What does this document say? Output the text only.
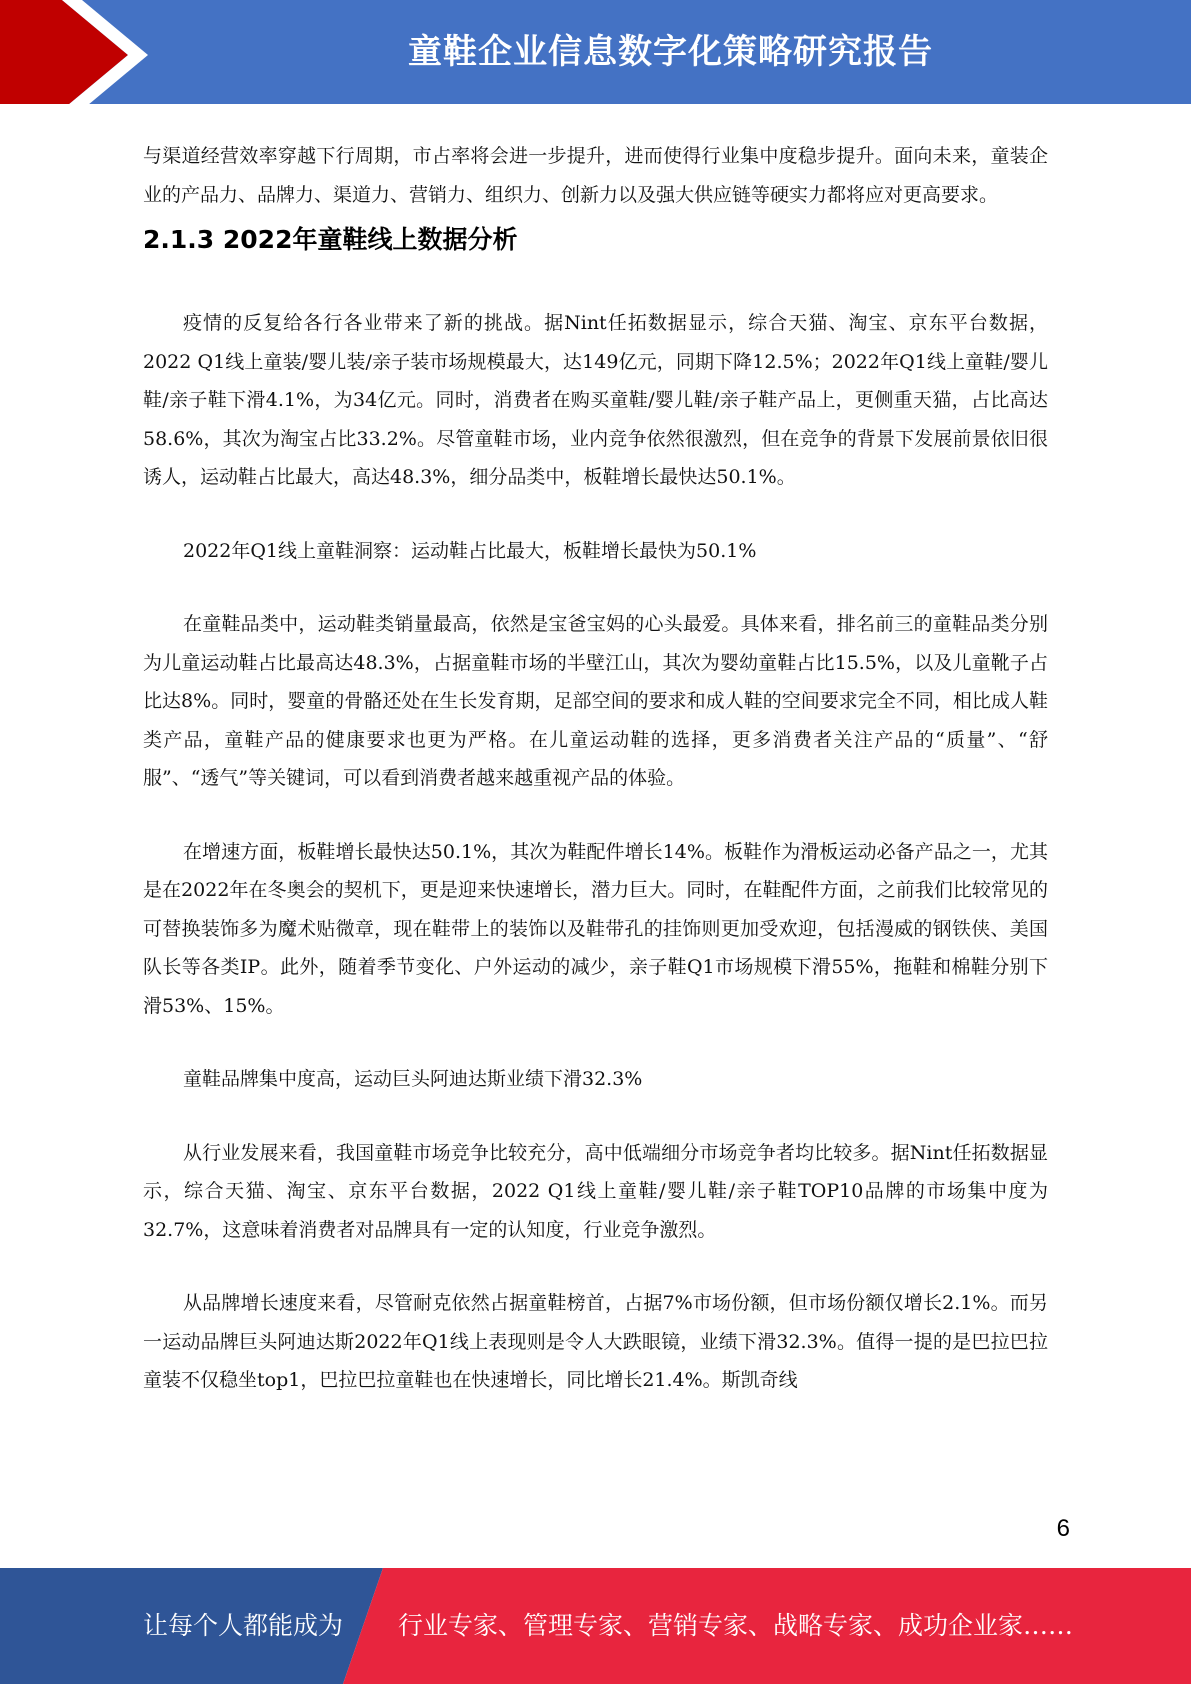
童鞋企业信息数字化策略研究报告

与渠道经营效率穿越下行周期，市占率将会进一步提升，进而使得行业集中度稳步提升。面向未来，童装企业的产品力、品牌力、渠道力、营销力、组织力、创新力以及强大供应链等硬实力都将应对更高要求。

2.1.3 2022年童鞋线上数据分析

疫情的反复给各行各业带来了新的挑战。据Nint任拓数据显示，综合天猫、淘宝、京东平台数据，2022 Q1线上童装/婴儿装/亲子装市场规模最大，达149亿元，同期下降12.5%；2022年Q1线上童鞋/婴儿鞋/亲子鞋下滑4.1%，为34亿元。同时，消费者在购买童鞋/婴儿鞋/亲子鞋产品上，更侧重天猫，占比高达58.6%，其次为淘宝占比33.2%。尽管童鞋市场，业内竞争依然很激烈，但在竞争的背景下发展前景依旧很诱人，运动鞋占比最大，高达48.3%，细分品类中，板鞋增长最快达50.1%。

2022年Q1线上童鞋洞察：运动鞋占比最大，板鞋增长最快为50.1%

在童鞋品类中，运动鞋类销量最高，依然是宝爸宝妈的心头最爱。具体来看，排名前三的童鞋品类分别为儿童运动鞋占比最高达48.3%，占据童鞋市场的半壁江山，其次为婴幼童鞋占比15.5%，以及儿童靴子占比达8%。同时，婴童的骨骼还处在生长发育期，足部空间的要求和成人鞋的空间要求完全不同，相比成人鞋类产品，童鞋产品的健康要求也更为严格。在儿童运动鞋的选择，更多消费者关注产品的“质量”、“舒服”、“透气”等关键词，可以看到消费者越来越重视产品的体验。

在增速方面，板鞋增长最快达50.1%，其次为鞋配件增长14%。板鞋作为滑板运动必备产品之一，尤其是在2022年在冬奥会的契机下，更是迎来快速增长，潜力巨大。同时，在鞋配件方面，之前我们比较常见的可替换装饰多为魔术贴微章，现在鞋带上的装饰以及鞋带孔的挂饰则更加受欢迎，包括漫威的钢铁侠、美国队长等各类IP。此外，随着季节变化、户外运动的减少，亲子鞋Q1市场规模下滑55%，拖鞋和棉鞋分别下滑53%、15%。

童鞋品牌集中度高，运动巨头阿迪达斯业绩下滑32.3%

从行业发展来看，我国童鞋市场竞争比较充分，高中低端细分市场竞争者均比较多。据Nint任拓数据显示，综合天猫、淘宝、京东平台数据，2022 Q1线上童鞋/婴儿鞋/亲子鞋TOP10品牌的市场集中度为32.7%，这意味着消费者对品牌具有一定的认知度，行业竞争激烈。

从品牌增长速度来看，尽管耐克依然占据童鞋榜首，占据7%市场份额，但市场份额仅增长2.1%。而另一运动品牌巨头阿迪达斯2022年Q1线上表现则是令人大跌眼镜，业绩下滑32.3%。值得一提的是巴拉巴拉童装不仅稳坐top1，巴拉巴拉童鞋也在快速增长，同比增长21.4%。斯凯奇线

6
让每个人都能成为 行业专家、管理专家、营销专家、战略专家、成功企业家……
